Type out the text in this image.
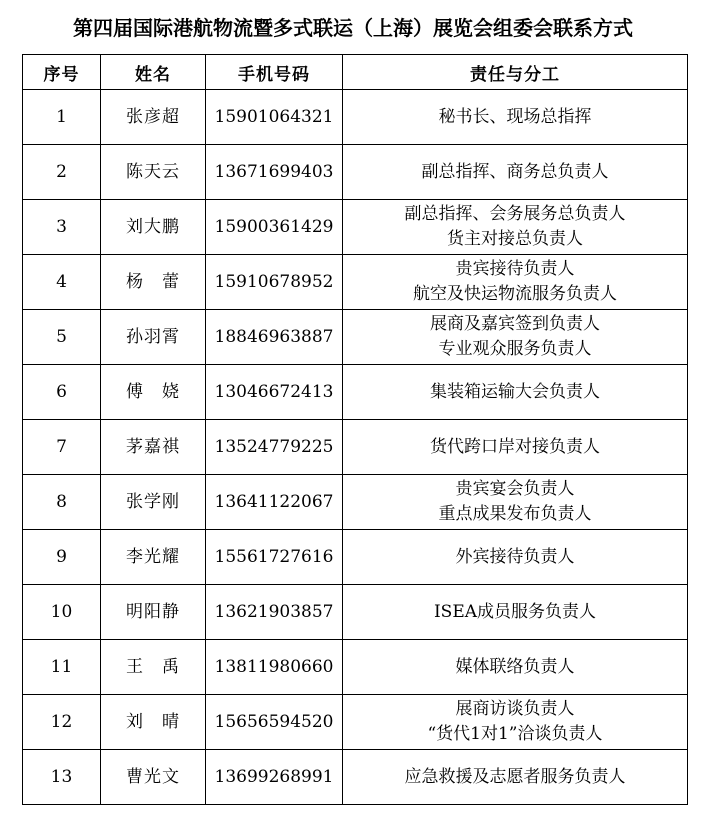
第四届国际港航物流暨多式联运（上海）展览会组委会联系方式
序号	姓名	手机号码	责任与分工
1	张彦超	15901064321	秘书长、现场总指挥

2	陈天云	13671699403	副总指挥、商务总负责人

3	刘大鹏	15900361429	副总指挥、会务展务总负责人
货主对接总负责人

4	杨　蕾	15910678952	贵宾接待负责人
航空及快运物流服务负责人

5	孙羽霄	18846963887	展商及嘉宾签到负责人
专业观众服务负责人

6	傅　娆	13046672413	集装箱运输大会负责人

7	茅嘉祺	13524779225	货代跨口岸对接负责人

8	张学刚	13641122067	贵宾宴会负责人
重点成果发布负责人

9	李光耀	15561727616	外宾接待负责人

10	明阳静	13621903857	ISEA成员服务负责人

11	王　禹	13811980660	媒体联络负责人

12	刘　晴	15656594520	展商访谈负责人
“货代1对1”洽谈负责人

13	曹光文	13699268991	应急救援及志愿者服务负责人
